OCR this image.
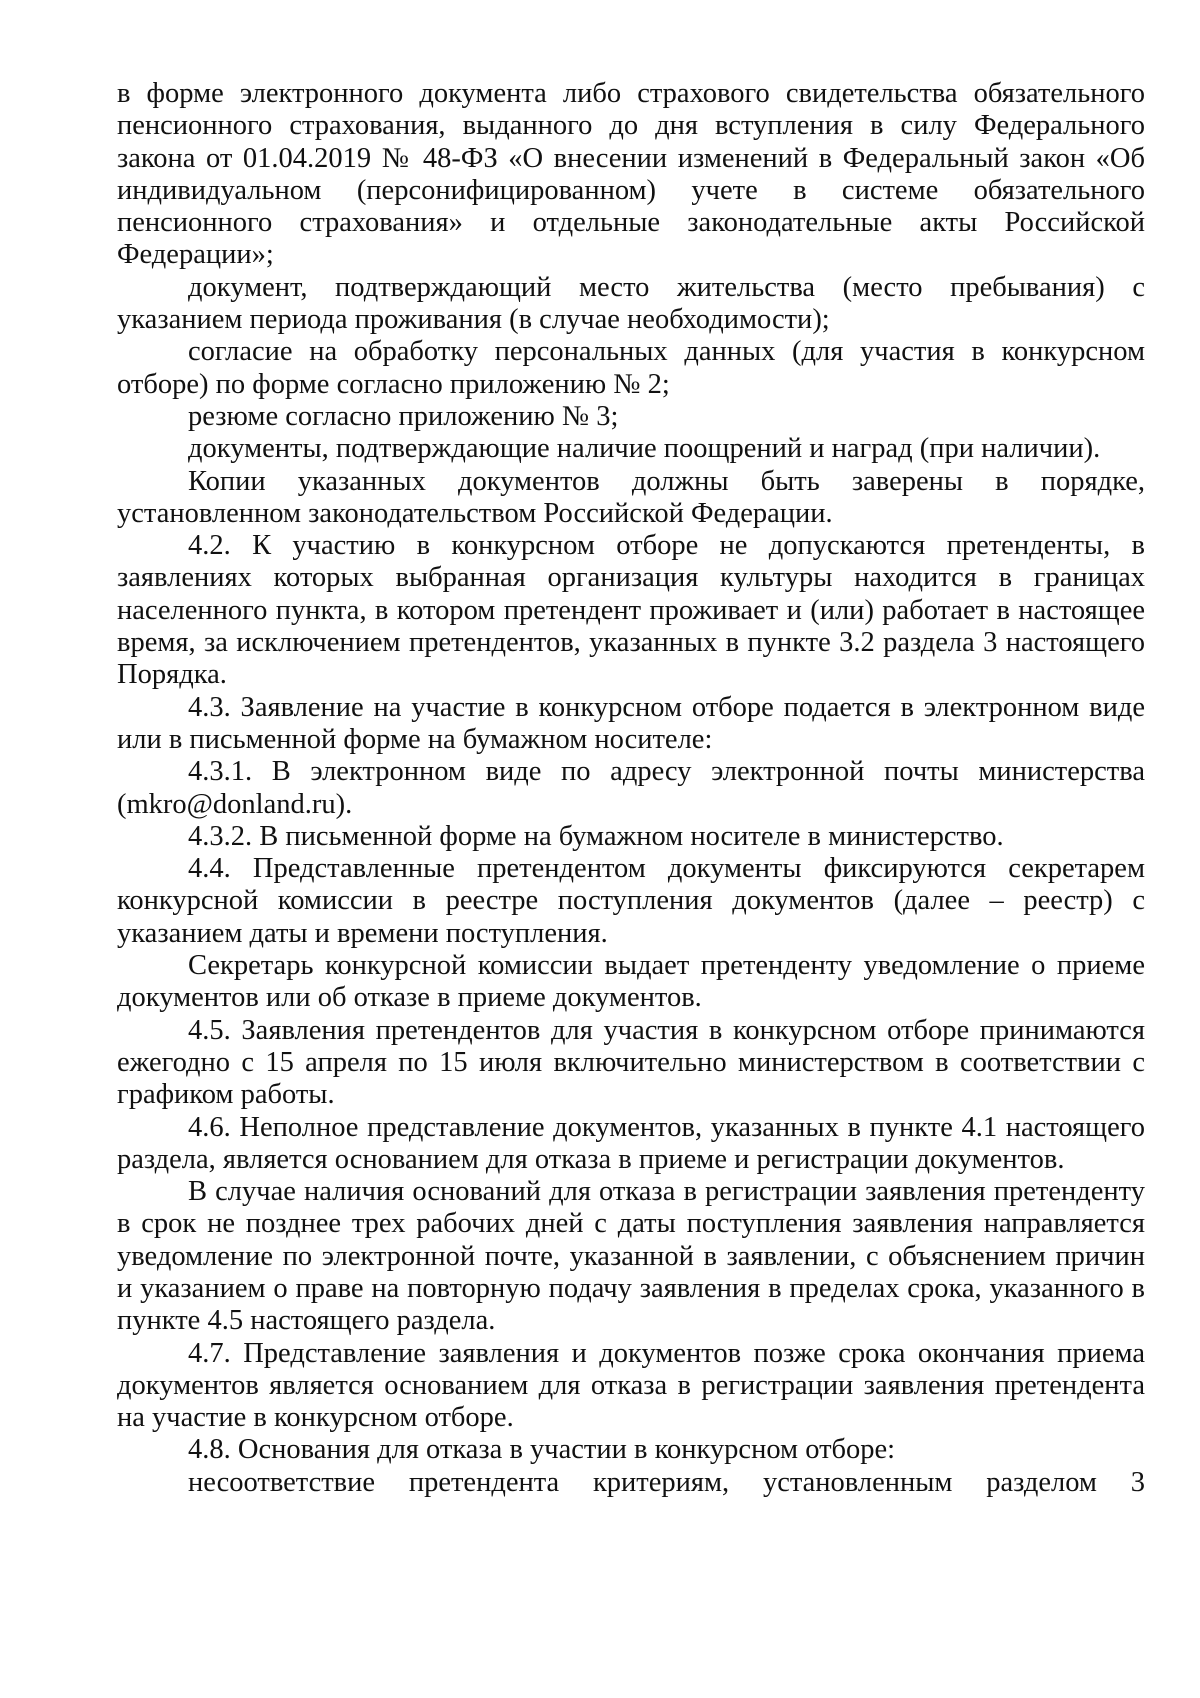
в форме электронного документа либо страхового свидетельства обязательного пенсионного страхования, выданного до дня вступления в силу Федерального закона от 01.04.2019 № 48-ФЗ «О внесении изменений в Федеральный закон «Об индивидуальном (персонифицированном) учете в системе обязательного пенсионного страхования» и отдельные законодательные акты Российской Федерации»;

документ, подтверждающий место жительства (место пребывания) с указанием периода проживания (в случае необходимости);

согласие на обработку персональных данных (для участия в конкурсном отборе) по форме согласно приложению № 2;

резюме согласно приложению № 3;

документы, подтверждающие наличие поощрений и наград (при наличии).

Копии указанных документов должны быть заверены в порядке, установленном законодательством Российской Федерации.

4.2. К участию в конкурсном отборе не допускаются претенденты, в заявлениях которых выбранная организация культуры находится в границах населенного пункта, в котором претендент проживает и (или) работает в настоящее время, за исключением претендентов, указанных в пункте 3.2 раздела 3 настоящего Порядка.

4.3. Заявление на участие в конкурсном отборе подается в электронном виде или в письменной форме на бумажном носителе:

4.3.1. В электронном виде по адресу электронной почты министерства (mkro@donland.ru).

4.3.2. В письменной форме на бумажном носителе в министерство.

4.4. Представленные претендентом документы фиксируются секретарем конкурсной комиссии в реестре поступления документов (далее – реестр) с указанием даты и времени поступления.

Секретарь конкурсной комиссии выдает претенденту уведомление о приеме документов или об отказе в приеме документов.

4.5. Заявления претендентов для участия в конкурсном отборе принимаются ежегодно с 15 апреля по 15 июля включительно министерством в соответствии с графиком работы.

4.6. Неполное представление документов, указанных в пункте 4.1 настоящего раздела, является основанием для отказа в приеме и регистрации документов.

В случае наличия оснований для отказа в регистрации заявления претенденту в срок не позднее трех рабочих дней с даты поступления заявления направляется уведомление по электронной почте, указанной в заявлении, с объяснением причин и указанием о праве на повторную подачу заявления в пределах срока, указанного в пункте 4.5 настоящего раздела.

4.7. Представление заявления и документов позже срока окончания приема документов является основанием для отказа в регистрации заявления претендента на участие в конкурсном отборе.

4.8. Основания для отказа в участии в конкурсном отборе:

несоответствие претендента критериям, установленным разделом 3
